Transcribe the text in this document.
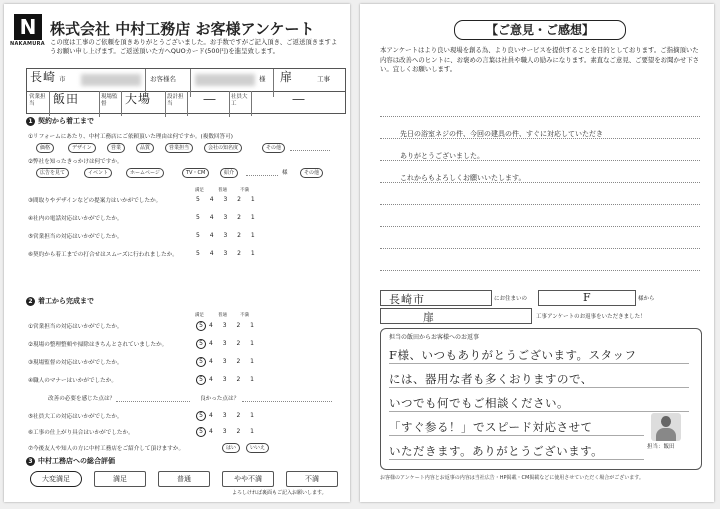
N
NAKAMURA
株式会社 中村工務店 お客様アンケート
この度は工事のご依頼を頂きありがとうございました。お手数ですがご記入頂き、ご返送頂きますようお願い申し上げます。ご返送頂いた方へQUOカード(500円)を進呈致します。
長崎 市	お客様名	様	扉	工事
営業担当	飯田	現場監督	大場	設計担当	―	社員大工	―
1 契約から着工まで
①リフォームにあたり、中村工務店にご依頼頂いた理由は何ですか。(複数回答可)
価格	デザイン	営業	品質	営業担当	会社の知名度	その他
②弊社を知ったきっかけは何ですか。
広告を見て	イベント	ホームページ	TV・CM	紹介	様	その他
満足	普通	不満
③間取りやデザインなどの提案力はいかがでしたか。	5 4 3 2 1
④社内の電話対応はいかがでしたか。	5 4 3 2 1
⑤営業担当の対応はいかがでしたか。	5 4 3 2 1
⑥契約から着工までの打合せはスムーズに行われましたか。	5 4 3 2 1
2 着工から完成まで
満足	普通	不満
①営業担当の対応はいかがでしたか。	5 4 3 2 1
②現場の整理整頓や掃除はきちんとされていましたか。	5 4 3 2 1
③現場監督の対応はいかがでしたか。	5 4 3 2 1
④職人のマナーはいかがでしたか。	5 4 3 2 1
改善の必要を感じた点は？	良かった点は？
⑤社員大工の対応はいかがでしたか。	5 4 3 2 1
⑥工事の仕上がり具合はいかがでしたか。	5 4 3 2 1
⑦今後友人や知人の方に中村工務店をご紹介して頂けますか。	はい	いいえ
3 中村工務店への総合評価
大変満足	満足	普通	やや不満	不満
よろしければ裏面もご記入お願いします。
【ご意見・ご感想】
本アンケートはより良い現場を創る為、より良いサービスを提供することを目的としております。ご指摘頂いた内容は改善へのヒントに、お褒めの言葉は社員や職人の励みになります。素直なご意見、ご要望をお聞かせ下さい。宜しくお願いします。
先日の浴室ネジの件、今回の建具の件、すぐに対応していただき
ありがとうございました。
これからもよろしくお願いいたします。
長崎市	にお住まいの	F	様から
扉	工事アンケートのお返事をいただきました！
担当の飯田からお客様へのお返事
F様、いつもありがとうございます。スタッフ
には、器用な者も多くおりますので、
いつでも何でもご相談ください。
「すぐ参る！」でスピード対応させて
いただきます。ありがとうございます。	担当：飯田
お客様のアンケート内容とお返事の内容は当社広告・HP掲載・CM掲載などに使用させていただく場合がございます。
